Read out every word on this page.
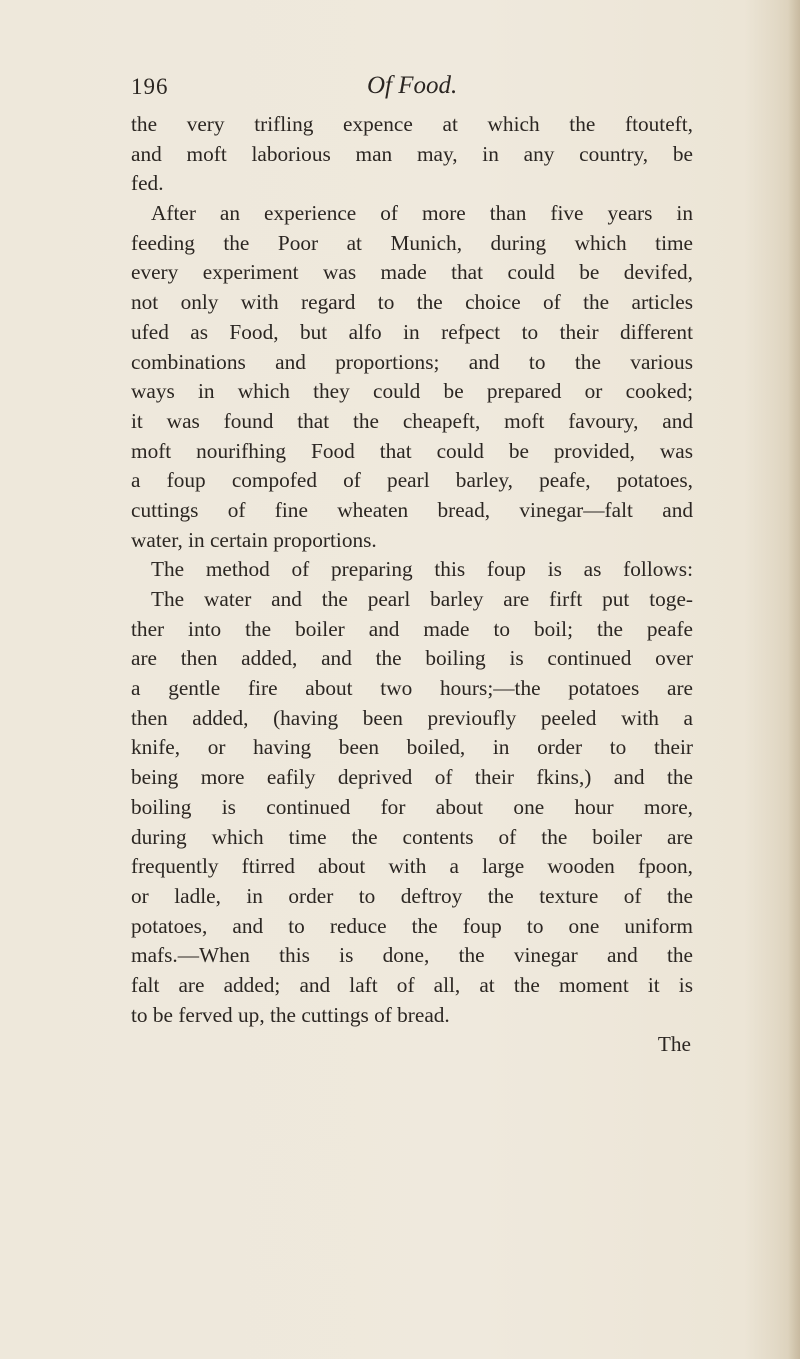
196	Of Food.
the very trifling expence at which the ftouteft,
and moft laborious man may, in any country, be
fed.
After an experience of more than five years in
feeding the Poor at Munich, during which time
every experiment was made that could be devifed,
not only with regard to the choice of the articles
ufed as Food, but alfo in refpect to their different
combinations and proportions; and to the various
ways in which they could be prepared or cooked;
it was found that the cheapeft, moft favoury, and
moft nourifhing Food that could be provided, was
a foup compofed of pearl barley, peafe, potatoes,
cuttings of fine wheaten bread, vinegar—falt and
water, in certain proportions.
The method of preparing this foup is as follows:
The water and the pearl barley are firft put toge-
ther into the boiler and made to boil; the peafe
are then added, and the boiling is continued over
a gentle fire about two hours;—the potatoes are
then added, (having been previoufly peeled with a
knife, or having been boiled, in order to their
being more eafily deprived of their fkins,) and the
boiling is continued for about one hour more,
during which time the contents of the boiler are
frequently ftirred about with a large wooden fpoon,
or ladle, in order to deftroy the texture of the
potatoes, and to reduce the foup to one uniform
mafs.—When this is done, the vinegar and the
falt are added; and laft of all, at the moment it is
to be ferved up, the cuttings of bread.
The
